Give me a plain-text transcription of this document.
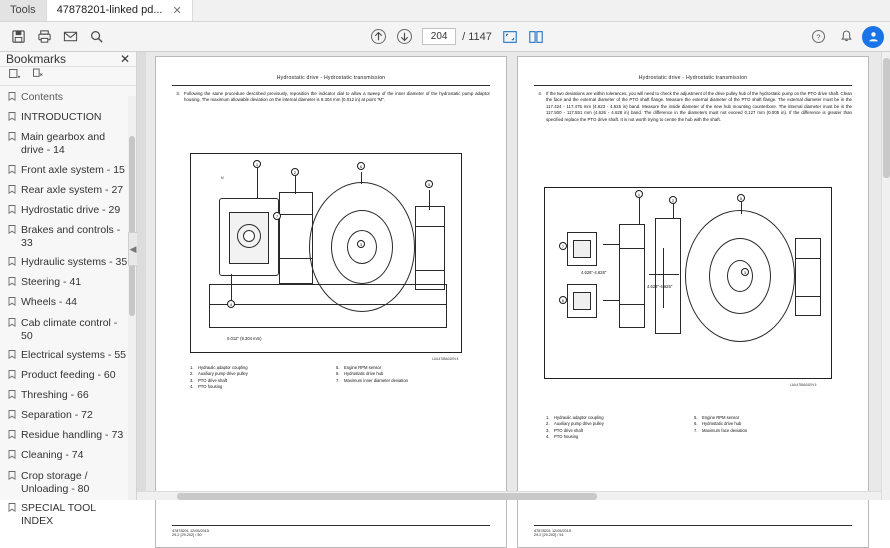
Tools 47878201-linked pd... ✕
204	/ 1147	?
Bookmarks	✕
Contents
INTRODUCTION
Main gearbox and drive - 14
Front axle system - 15
Rear axle system - 27
Hydrostatic drive - 29
Brakes and controls - 33
Hydraulic systems - 35
Steering - 41
Wheels - 44
Cab climate control - 50
Electrical systems - 55
Product feeding - 60
Threshing - 66
Separation - 72
Residue handling - 73
Cleaning - 74
Crop storage / Unloading - 80
SPECIAL TOOL INDEX
◀
Hydrostatic drive - Hydrostatic transmission
3. Following the same procedure described previously, reposition the indicator dial to allow a sweep of the inner diameter of the hydrostatic pump adaptor housing. The maximum allowable deviation on the internal diameter is 9.304 mm (0.012 in) at point "M".
1
2
6
3
4
5
7
M
0.012" (9.304 mm)
LAIL4785A01EN 4
1.	Hydraulic adaptor coupling
2.	Auxiliary pump drive pulley
3.	PTO drive shaft
4.	PTO housing
5.	Engine RPM sensor
6.	Hydrostatic drive hub
7.	Maximum inner diameter deviation
47878201 12/05/2015
29.2 [29.202] / 50
Hydrostatic drive - Hydrostatic transmission
4. If the two deviations are within tolerances, you will need to check the adjustment of the drive pulley hub of the hydrostatic pump on the PTO drive shaft. Clean the face and the external diameter of the PTO shaft flange. Measure the external diameter of the PTO shaft flange. The external diameter must be in the 117.424 - 117.475 mm (4.623 - 4.625 in) band. Measure the inside diameter of the new hub mounting counterbore. The internal diameter must be in the 117.500 - 117.551 mm (4.626 - 4.628 in) band. The difference in the diameters must not exceed 0.127 mm (0.005 in). If the difference is greater than specified replace the PTO drive shaft. It is not worth trying to centre the hub with the shaft.
1
2	5
3
7
6
4.626"-4.628"
4.623"-4.625"
LAIL4786A01EN 5
1.	Hydraulic adaptor coupling
2.	Auxiliary pump drive pulley
3.	PTO drive shaft
4.	PTO housing
5.	Engine RPM sensor
6.	Hydrostatic drive hub
7.	Maximum face deviation
47878201 12/05/2015
29.2 [29.202] / 51
